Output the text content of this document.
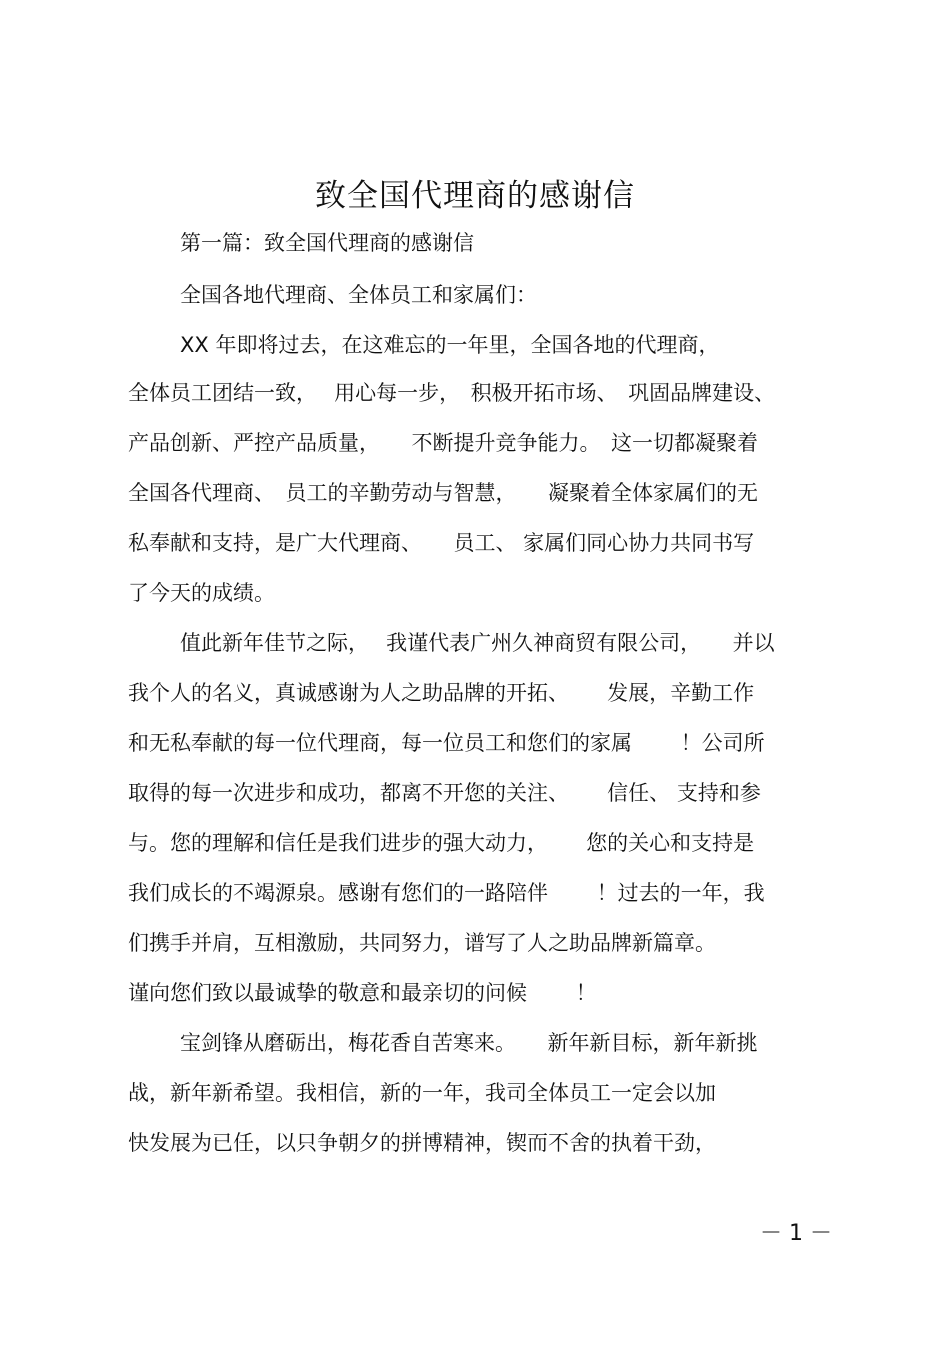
致全国代理商的感谢信
第一篇：致全国代理商的感谢信
全国各地代理商、全体员工和家属们：
XX 年即将过去，在这难忘的一年里，全国各地的代理商，
全体员工团结一致，　 用心每一步，　积极开拓市场、　巩固品牌建设、
产品创新、严控产品质量，　　不断提升竞争能力。　这一切都凝聚着
全国各代理商、　员工的辛勤劳动与智慧，　　凝聚着全体家属们的无
私奉献和支持，是广大代理商、　　员工、 家属们同心协力共同书写
了今天的成绩。
值此新年佳节之际，　 我谨代表广州久神商贸有限公司，　　并以
我个人的名义，真诚感谢为人之助品牌的开拓、　　 发展，辛勤工作
和无私奉献的每一位代理商，每一位员工和您们的家属　　 ！公司所
取得的每一次进步和成功，都离不开您的关注、　　 信任、 支持和参
与。您的理解和信任是我们进步的强大动力，　　 您的关心和支持是
我们成长的不竭源泉。感谢有您们的一路陪伴　　 ！过去的一年，我
们携手并肩，互相激励，共同努力，谱写了人之助品牌新篇章。
谨向您们致以最诚挚的敬意和最亲切的问候　　 ！
宝剑锋从磨砺出，梅花香自苦寒来。　　新年新目标，新年新挑
战，新年新希望。我相信，新的一年，我司全体员工一定会以加
快发展为已任，以只争朝夕的拼博精神，锲而不舍的执着干劲，
－ 1 －
